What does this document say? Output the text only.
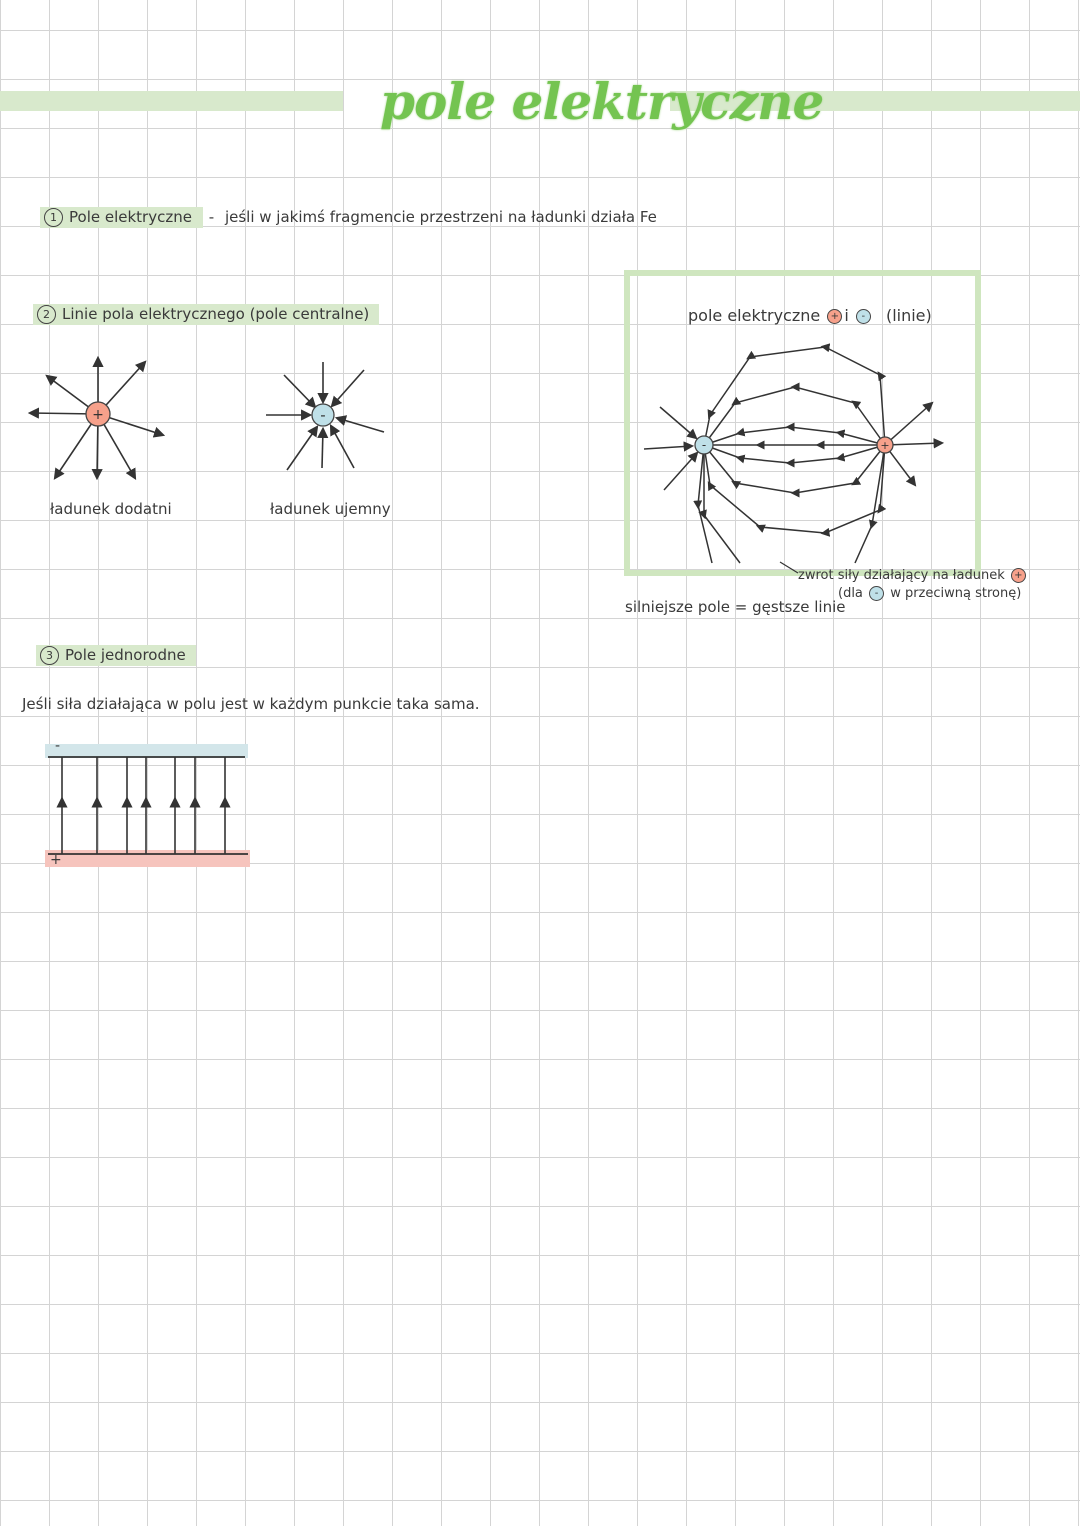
pole elektryczne
1 Pole elektryczne - jeśli w jakimś fragmencie przestrzeni na ładunki działa Fe
2 Linie pola elektrycznego (pole centralne)
+
ładunek dodatni
-
ładunek ujemny
pole elektryczne + i - (linie)
-	+
zwrot siły działający na ładunek +
(dla - w przeciwną stronę)
silniejsze pole = gęstsze linie
3 Pole jednorodne
Jeśli siła działająca w polu jest w każdym punkcie taka sama.
-
+
